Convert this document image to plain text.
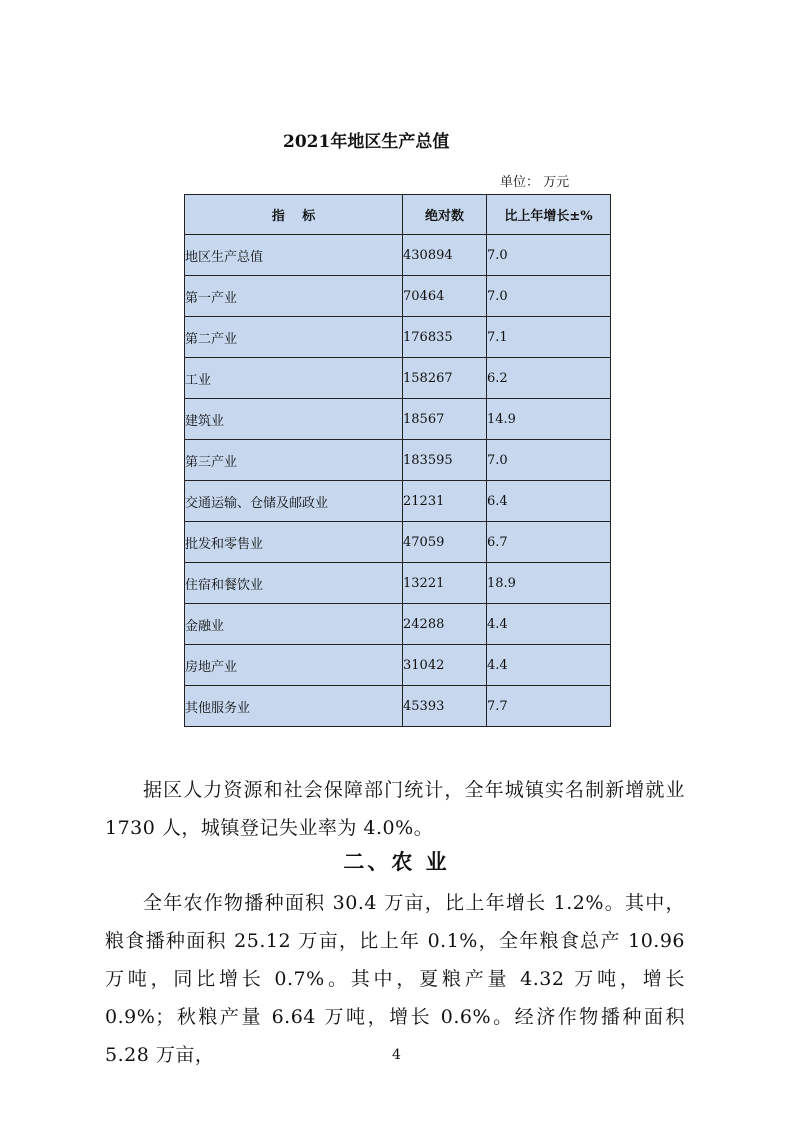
2021年地区生产总值
单位： 万元
指　 标	绝对数	比上年增长±%
地区生产总值	430894	7.0
第一产业	70464	7.0
第二产业	176835	7.1
工业	158267	6.2
建筑业	18567	14.9
第三产业	183595	7.0
交通运输、仓储及邮政业	21231	6.4
批发和零售业	47059	6.7
住宿和餐饮业	13221	18.9
金融业	24288	4.4
房地产业	31042	4.4
其他服务业	45393	7.7

据区人力资源和社会保障部门统计，全年城镇实名制新增就业 1730 人，城镇登记失业率为 4.0%。

二、农 业

全年农作物播种面积 30.4 万亩，比上年增长 1.2%。其中，粮食播种面积 25.12 万亩，比上年 0.1%，全年粮食总产 10.96 万吨，同比增长 0.7%。其中，夏粮产量 4.32 万吨，增长 0.9%；秋粮产量 6.64 万吨，增长 0.6%。经济作物播种面积 5.28 万亩，	4
